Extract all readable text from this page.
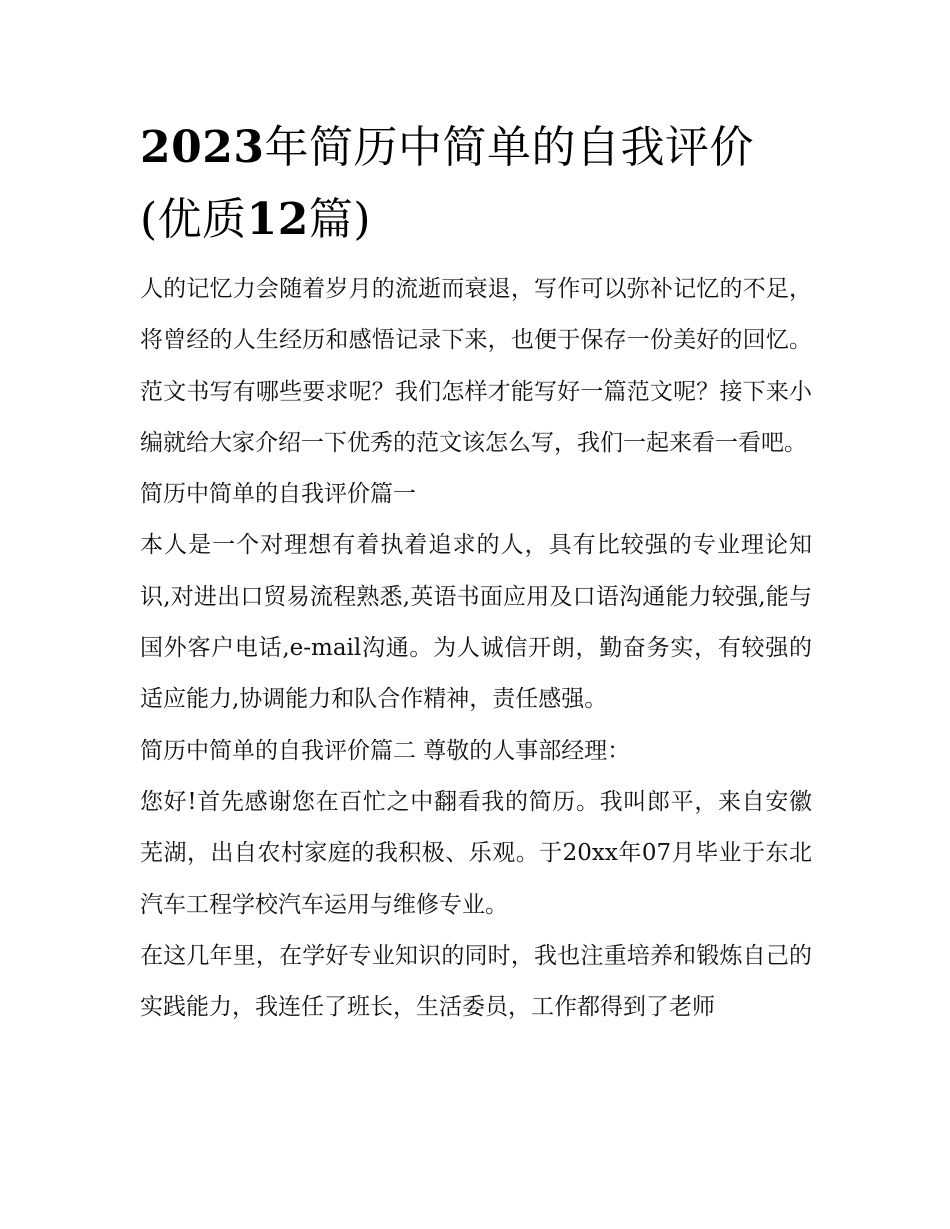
2023年简历中简单的自我评价
(优质12篇)

人的记忆力会随着岁月的流逝而衰退，写作可以弥补记忆的不足，将曾经的人生经历和感悟记录下来，也便于保存一份美好的回忆。范文书写有哪些要求呢？我们怎样才能写好一篇范文呢？接下来小编就给大家介绍一下优秀的范文该怎么写，我们一起来看一看吧。

简历中简单的自我评价篇一

本人是一个对理想有着执着追求的人，具有比较强的专业理论知识,对进出口贸易流程熟悉,英语书面应用及口语沟通能力较强,能与国外客户电话,e-mail沟通。为人诚信开朗，勤奋务实，有较强的适应能力,协调能力和队合作精神，责任感强。

简历中简单的自我评价篇二 尊敬的人事部经理：

您好!首先感谢您在百忙之中翻看我的简历。我叫郎平，来自安徽芜湖，出自农村家庭的我积极、乐观。于20xx年07月毕业于东北汽车工程学校汽车运用与维修专业。

在这几年里，在学好专业知识的同时，我也注重培养和锻炼自己的实践能力，我连任了班长，生活委员，工作都得到了老师
